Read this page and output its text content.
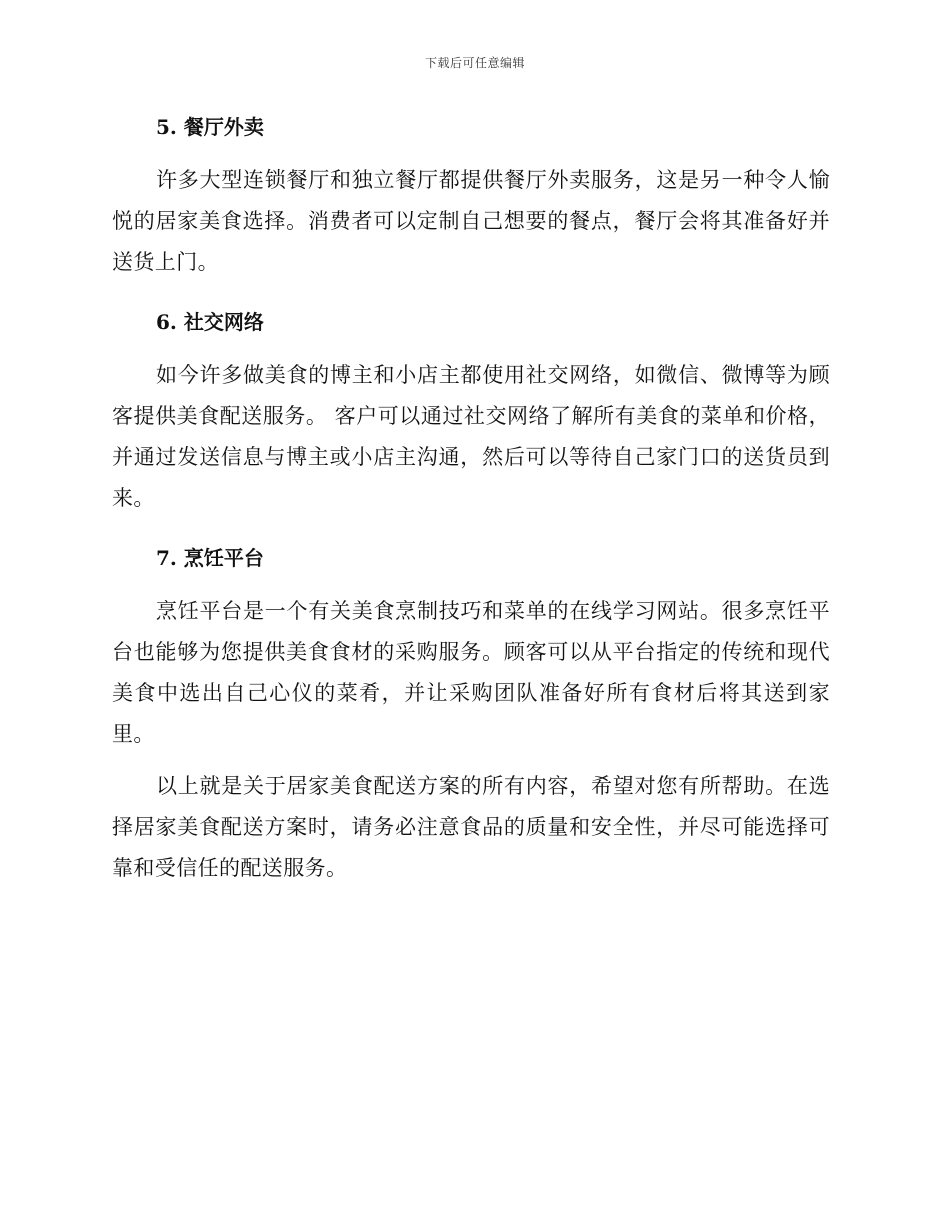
下载后可任意编辑
5. 餐厅外卖

许多大型连锁餐厅和独立餐厅都提供餐厅外卖服务，这是另一种令人愉悦的居家美食选择。消费者可以定制自己想要的餐点，餐厅会将其准备好并送货上门。

6. 社交网络

如今许多做美食的博主和小店主都使用社交网络，如微信、微博等为顾客提供美食配送服务。 客户可以通过社交网络了解所有美食的菜单和价格，并通过发送信息与博主或小店主沟通，然后可以等待自己家门口的送货员到来。

7. 烹饪平台

烹饪平台是一个有关美食烹制技巧和菜单的在线学习网站。很多烹饪平台也能够为您提供美食食材的采购服务。顾客可以从平台指定的传统和现代美食中选出自己心仪的菜肴，并让采购团队准备好所有食材后将其送到家里。

以上就是关于居家美食配送方案的所有内容，希望对您有所帮助。在选择居家美食配送方案时，请务必注意食品的质量和安全性，并尽可能选择可靠和受信任的配送服务。
